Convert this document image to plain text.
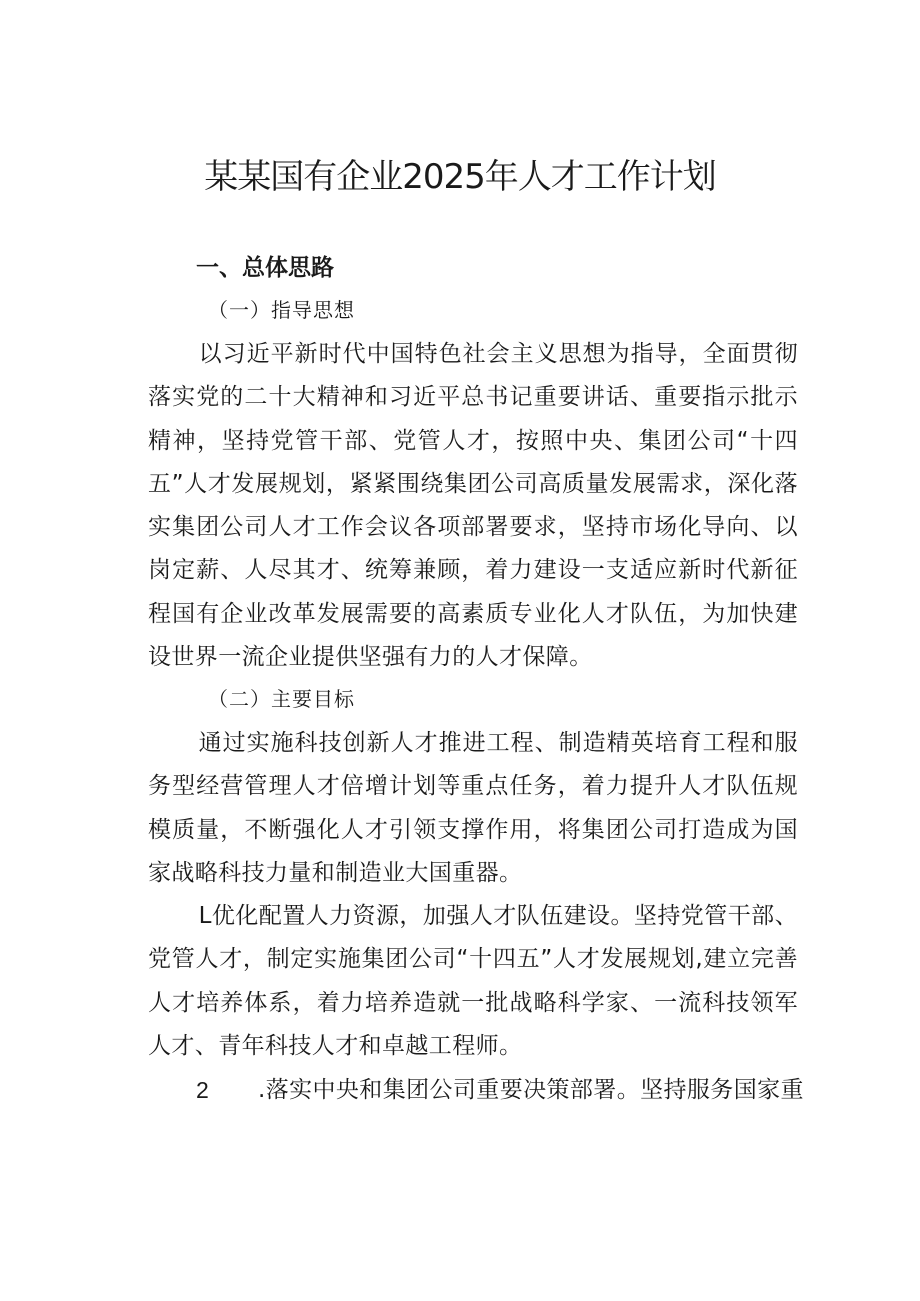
某某国有企业2025年人才工作计划
一、总体思路
（一）指导思想
以习近平新时代中国特色社会主义思想为指导，全面贯彻落实党的二十大精神和习近平总书记重要讲话、重要指示批示精神，坚持党管干部、党管人才，按照中央、集团公司“十四五”人才发展规划，紧紧围绕集团公司高质量发展需求，深化落实集团公司人才工作会议各项部署要求，坚持市场化导向、以岗定薪、人尽其才、统筹兼顾，着力建设一支适应新时代新征程国有企业改革发展需要的高素质专业化人才队伍，为加快建设世界一流企业提供坚强有力的人才保障。
（二）主要目标
通过实施科技创新人才推进工程、制造精英培育工程和服务型经营管理人才倍增计划等重点任务，着力提升人才队伍规模质量，不断强化人才引领支撑作用，将集团公司打造成为国家战略科技力量和制造业大国重器。
L优化配置人力资源，加强人才队伍建设。坚持党管干部、党管人才，制定实施集团公司“十四五”人才发展规划,建立完善人才培养体系，着力培养造就一批战略科学家、一流科技领军人才、青年科技人才和卓越工程师。
2 .落实中央和集团公司重要决策部署。坚持服务国家重
